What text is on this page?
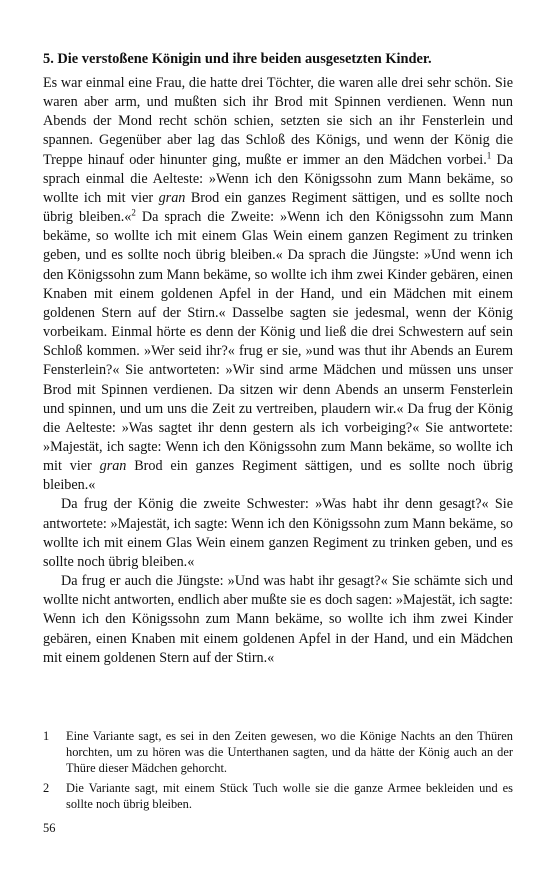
5. Die verstoßene Königin und ihre beiden ausgesetzten Kinder.

Es war einmal eine Frau, die hatte drei Töchter, die waren alle drei sehr schön. Sie waren aber arm, und mußten sich ihr Brod mit Spinnen verdienen. Wenn nun Abends der Mond recht schön schien, setzten sie sich an ihr Fensterlein und spannen. Gegenüber aber lag das Schloß des Königs, und wenn der König die Treppe hinauf oder hinunter ging, mußte er immer an den Mädchen vorbei.$^1$ Da sprach einmal die Aelteste: »Wenn ich den Königssohn zum Mann bekäme, so wollte ich mit vier gran Brod ein ganzes Regiment sättigen, und es sollte noch übrig bleiben.«$^2$ Da sprach die Zweite: »Wenn ich den Königssohn zum Mann bekäme, so wollte ich mit einem Glas Wein einem ganzen Regiment zu trinken geben, und es sollte noch übrig bleiben.« Da sprach die Jüngste: »Und wenn ich den Königssohn zum Mann bekäme, so wollte ich ihm zwei Kinder gebären, einen Knaben mit einem goldenen Apfel in der Hand, und ein Mädchen mit einem goldenen Stern auf der Stirn.« Dasselbe sagten sie jedesmal, wenn der König vorbeikam. Einmal hörte es denn der König und ließ die drei Schwestern auf sein Schloß kommen. »Wer seid ihr?« frug er sie, »und was thut ihr Abends an Eurem Fensterlein?« Sie antworteten: »Wir sind arme Mädchen und müssen uns unser Brod mit Spinnen verdienen. Da sitzen wir denn Abends an unserm Fensterlein und spinnen, und um uns die Zeit zu vertreiben, plaudern wir.« Da frug der König die Aelteste: »Was sagtet ihr denn gestern als ich vorbeiging?« Sie antwortete: »Majestät, ich sagte: Wenn ich den Königssohn zum Mann bekäme, so wollte ich mit vier gran Brod ein ganzes Regiment sättigen, und es sollte noch übrig bleiben.«

Da frug der König die zweite Schwester: »Was habt ihr denn gesagt?« Sie antwortete: »Majestät, ich sagte: Wenn ich den Königssohn zum Mann bekäme, so wollte ich mit einem Glas Wein einem ganzen Regiment zu trinken geben, und es sollte noch übrig bleiben.«

Da frug er auch die Jüngste: »Und was habt ihr gesagt?« Sie schämte sich und wollte nicht antworten, endlich aber mußte sie es doch sagen: »Majestät, ich sagte: Wenn ich den Königssohn zum Mann bekäme, so wollte ich ihm zwei Kinder gebären, einen Knaben mit einem goldenen Apfel in der Hand, und ein Mädchen mit einem goldenen Stern auf der Stirn.«

1	Eine Variante sagt, es sei in den Zeiten gewesen, wo die Könige Nachts an den Thüren horchten, um zu hören was die Unterthanen sagten, und da hätte der König auch an der Thüre dieser Mädchen gehorcht.
2	Die Variante sagt, mit einem Stück Tuch wolle sie die ganze Armee bekleiden und es sollte noch übrig bleiben.
56
